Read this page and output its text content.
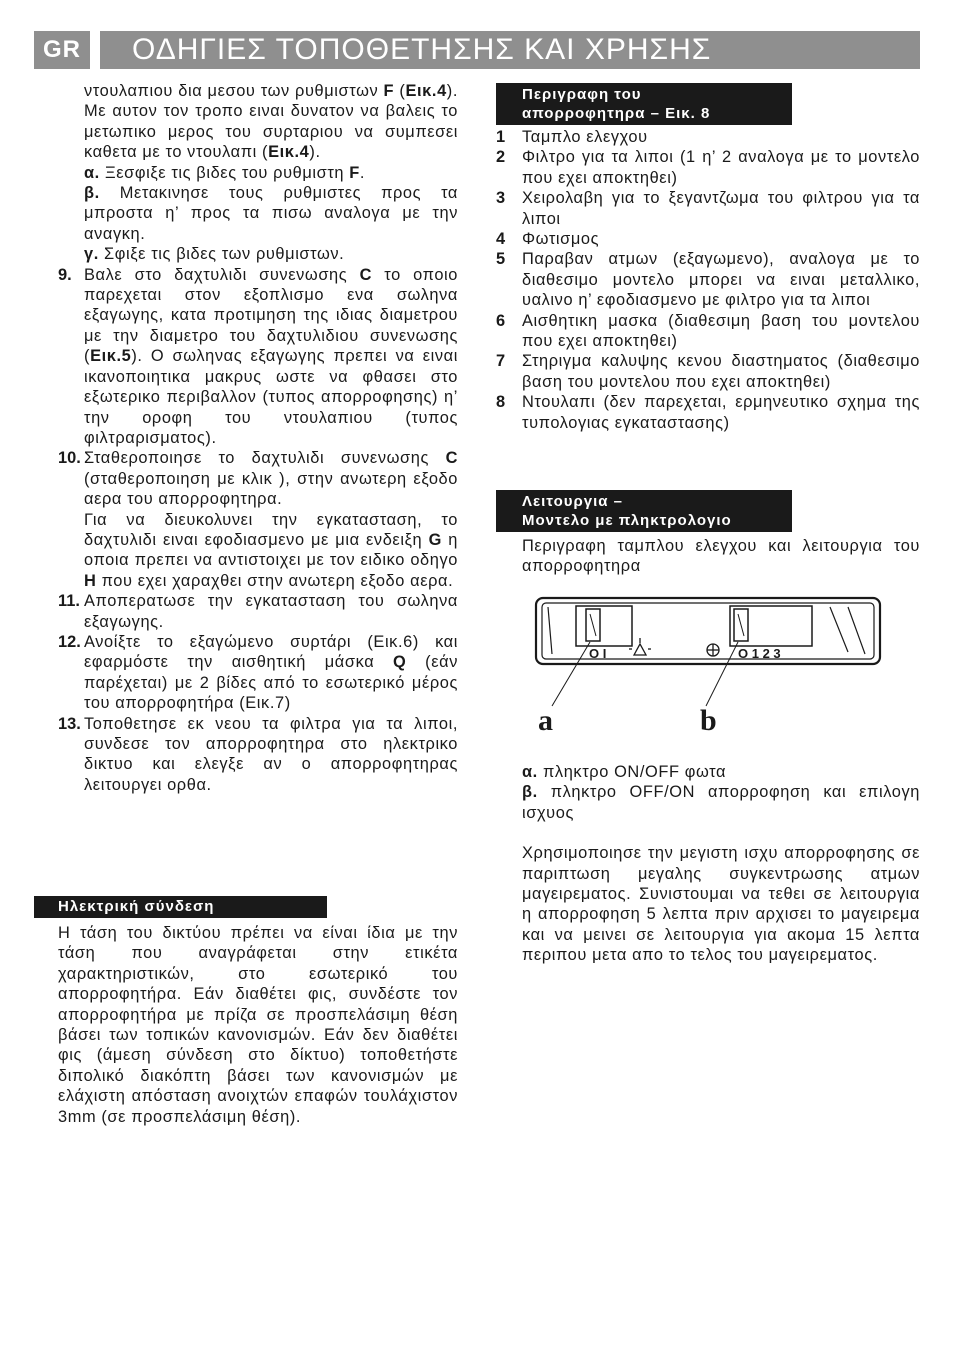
GR	ΟΔΗΓΙΕΣ ΤΟΠΟΘΕΤΗΣΗΣ ΚΑΙ ΧΡΗΣΗΣ

ντουλαπιου δια μεσου των ρυθμιστων F (Εικ.4). Με αυτον τον τροπο ειναι δυνατον να βαλεις το μετωπικο μερος του συρταριου να συμπεσει καθετα με το ντουλαπι (Εικ.4).

α. Ξεσφιξε τις βιδες του ρυθμιστη F.

β. Μετακινησε τους ρυθμιστες προς τα μπροστα η’ προς τα πισω αναλογα με την αναγκη.

γ. Σφιξε τις βιδες των ρυθμιστων.

9. Βαλε στο δαχτυλιδι συνενωσης C το οποιο παρεχεται στον εξοπλισμο ενα σωληνα εξαγωγης, κατα προτιμηση της ιδιας διαμετρου με την διαμετρο του δαχτυλιδιου συνενωσης (Εικ.5). Ο σωληνας εξαγωγης πρεπει να ειναι ικανοποιητικα μακρυς ωστε να φθασει στο εξωτερικο περιβαλλον (τυπος απορροφησης) η’ την οροφη του ντουλαπιου (τυπος φιλτραρισματος).
10. Σταθεροποιησε το δαχτυλιδι συνενωσης C (σταθεροποιηση με κλικ ), στην ανωτερη εξοδο αερα του απορροφητηρα.
Για να διευκολυνει την εγκατασταση, το δαχτυλιδι ειναι εφοδιασμενο με μια ενδειξη G η οποια πρεπει να αντιστοιχει με τον ειδικο οδηγο H που εχει χαραχθει στην ανωτερη εξοδο αερα.
11. Αποπερατωσε την εγκατασταση του σωληνα εξαγωγης.
12. Ανοίξτε το εξαγώμενο συρτάρι (Εικ.6) και εφαρμόστε την αισθητική μάσκα Q (εάν παρέχεται) με 2 βίδες από το εσωτερικό μέρος του απορροφητήρα (Εικ.7)
13. Τοποθετησε εκ νεου τα φιλτρα για τα λιποι, συνδεσε τον απορροφητηρα στο ηλεκτρικο δικτυο και ελεγξε αν ο απορροφητηρας λειτουργει ορθα.
Ηλεκτρική σύνδεση

Η τάση του δικτύου πρέπει να είναι ίδια με την τάση που αναγράφεται στην ετικέτα χαρακτηριστικών, στο εσωτερικό του απορροφητήρα. Εάν διαθέτει φις, συνδέστε τον απορροφητήρα με πρίζα σε προσπελάσιμη θέση βάσει των τοπικών κανονισμών. Εάν δεν διαθέτει φις (άμεση σύνδεση στο δίκτυο) τοποθετήστε διπολικό διακόπτη βάσει των κανονισμών με ελάχιστη απόσταση ανοιχτών επαφών τουλάχιστον 3mm (σε προσπελάσιμη θέση).

Περιγραφη του
απορροφητηρα – Εικ. 8
1	Ταμπλο ελεγχου
2	Φιλτρο για τα λιποι (1 η’ 2 αναλογα με το μοντελο που εχει αποκτηθει)
3	Χειρολαβη για το ξεγαντζωμα του φιλτρου για τα λιποι
4	Φωτισμος
5	Παραβαν ατμων (εξαγωμενο), αναλογα με το διαθεσιμο μοντελο μπορει να ειναι μεταλλικο, υαλινο η’ εφοδιασμενο με φιλτρο για τα λιποι
6	Αισθητικη μασκα (διαθεσιμη βαση του μοντελου που εχει αποκτηθει)
7	Στηριγμα καλυψης κενου διαστηματος (διαθεσιμο βαση του μοντελου που εχει αποκτηθει)
8	Ντουλαπι (δεν παρεχεται, ερμηνευτικο σχημα της τυπολογιας εγκαταστασης)
Λειτουργια –
Μοντελο με πληκτρολογιο

Περιγραφη ταμπλου ελεγχου και λειτουργια του απορροφητηρα

O I	O 1 2 3
a	b

α. πληκτρο ON/OFF φωτα

β. πληκτρο OFF/ON απορροφηση και επιλογη ισχυος

Χρησιμοποιησε την μεγιστη ισχυ απορροφησης σε παριπτωση μεγαλης συγκεντρωσης ατμων μαγειρεματος. Συνιστουμαι να τεθει σε λειτουργια η απορροφηση 5 λεπτα πριν αρχισει το μαγειρεμα και να μεινει σε λειτουργια για ακομα 15 λεπτα περιπου μετα απο το τελος του μαγειρεματος.
